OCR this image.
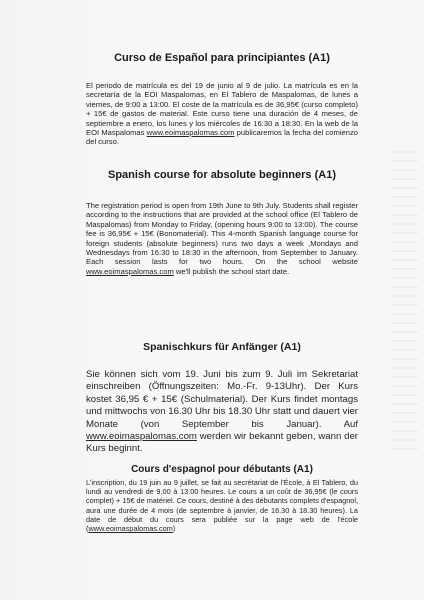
Curso de Español para principiantes (A1)

El periodo de matrícula es del 19 de junio al 9 de julio. La matrícula es en la secretaría de la EOI Maspalomas, en El Tablero de Maspalomas, de lunes a viernes, de 9:00 a 13:00. El coste de la matrícula es de 36,95€ (curso completo) + 15€ de gastos de material. Este curso tiene una duración de 4 meses, de septiembre a enero, los lunes y los miércoles de 16:30 a 18:30. En la web de la EOI Maspalomas www.eoimaspalomas.com publicaremos la fecha del comienzo del curso.

Spanish course for absolute beginners (A1)

The registration period is open from 19th June to 9th July. Students shall register according to the instructions that are provided at the school office (El Tablero de Maspalomas) from Monday to Friday, (opening hours 9:00 to 13:00). The course fee is 36,95€ + 15€ (Bonomaterial). This 4-month Spanish language course for foreign students (absolute beginners) runs two days a week ,Mondays and Wednesdays from 16:30 to 18:30 in the afternoon, from September to January. Each session lasts for two hours. On the school website www.eoimaspalomas.com we'll publish the school start date.

Spanischkurs für Anfänger (A1)

Sie können sich vom 19. Juni bis zum 9. Juli im Sekretariat einschreiben (Öffnungszeiten: Mo.-Fr. 9-13Uhr). Der Kurs kostet 36,95 € + 15€ (Schulmaterial). Der Kurs findet montags und mittwochs von 16.30 Uhr bis 18.30 Uhr statt und dauert vier Monate (von September bis Januar). Auf www.eoimaspalomas.com werden wir bekannt geben, wann der Kurs beginnt.

Cours d'espagnol pour débutants (A1)

L'inscription, du 19 juin au 9 juillet, se fait au secrétariat de l'École, à El Tablero, du lundi au vendredi de 9.00 à 13.00 heures. Le cours a un coût de 36,95€ (le cours complet) + 15€ de matériel. Ce cours, destiné à des débutants complets d'espagnol, aura une durée de 4 mois (de septembre à janvier, de 16.30 à 18.30 heures). La date de début du cours sera publiée sur la page web de l'école (www.eoimaspalomas.com)
